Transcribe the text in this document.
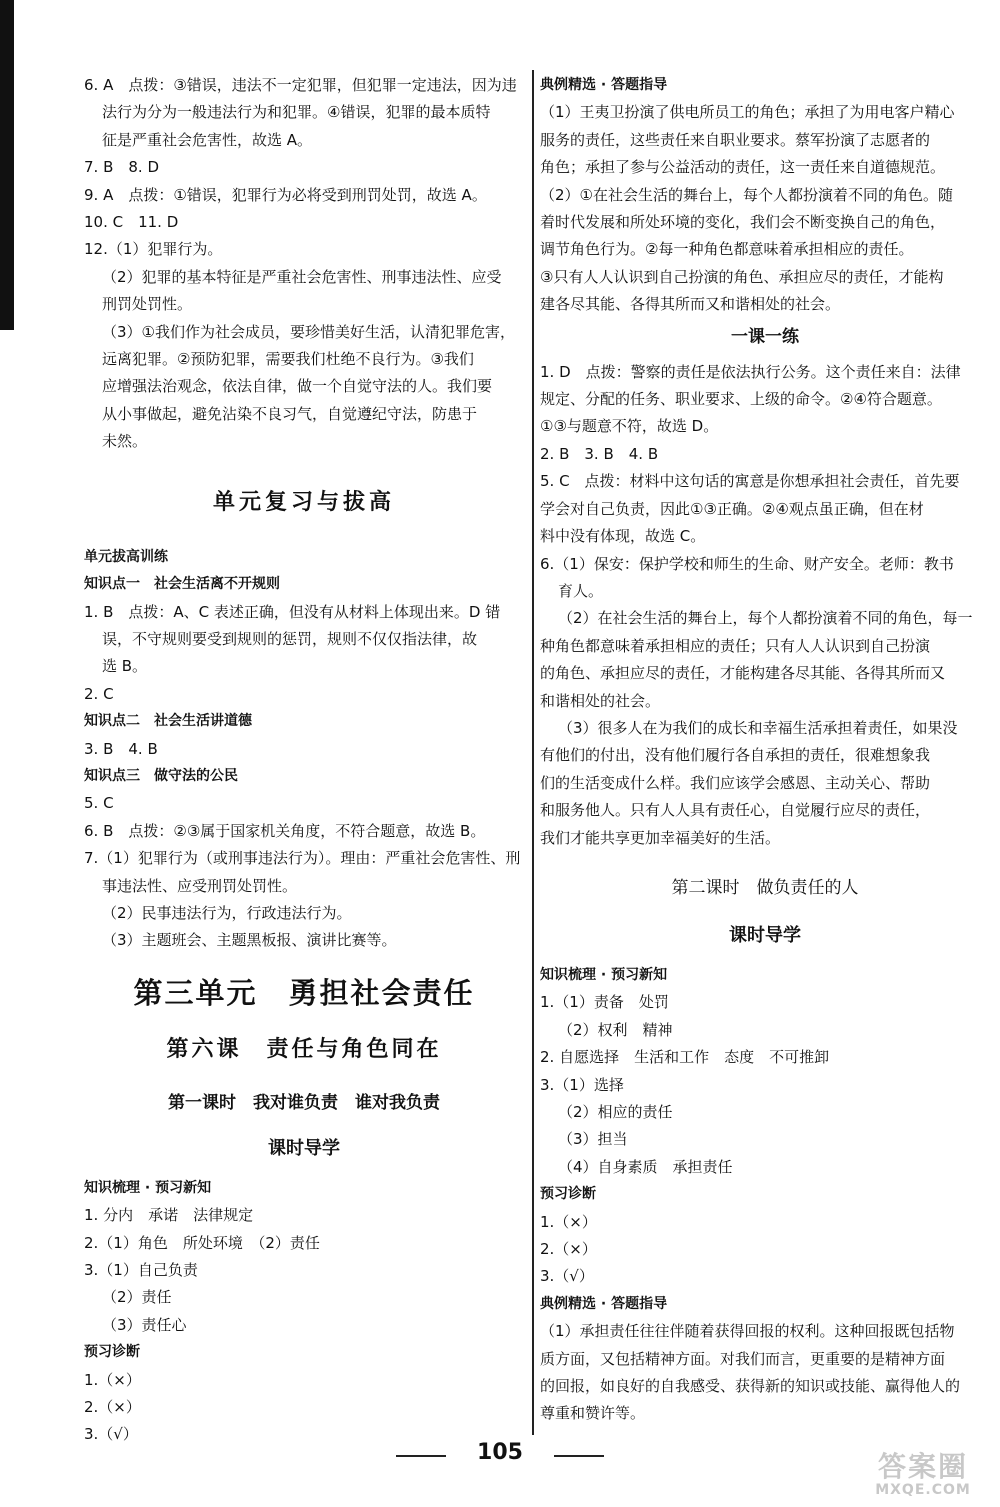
6. A　点拨：③错误，违法不一定犯罪，但犯罪一定违法，因为违
法行为分为一般违法行为和犯罪。④错误，犯罪的最本质特
征是严重社会危害性，故选 A。
7. B　8. D
9. A　点拨：①错误，犯罪行为必将受到刑罚处罚，故选 A。
10. C　11. D
12.（1）犯罪行为。
（2）犯罪的基本特征是严重社会危害性、刑事违法性、应受
刑罚处罚性。
（3）①我们作为社会成员，要珍惜美好生活，认清犯罪危害，
远离犯罪。②预防犯罪，需要我们杜绝不良行为。③我们
应增强法治观念，依法自律，做一个自觉守法的人。我们要
从小事做起，避免沾染不良习气，自觉遵纪守法，防患于
未然。
单元复习与拔高
单元拔高训练
知识点一　社会生活离不开规则
1. B　点拨：A、C 表述正确，但没有从材料上体现出来。D 错
误，不守规则要受到规则的惩罚，规则不仅仅指法律，故
选 B。
2. C
知识点二　社会生活讲道德
3. B　4. B
知识点三　做守法的公民
5. C
6. B　点拨：②③属于国家机关角度，不符合题意，故选 B。
7.（1）犯罪行为（或刑事违法行为）。理由：严重社会危害性、刑
事违法性、应受刑罚处罚性。
（2）民事违法行为，行政违法行为。
（3）主题班会、主题黑板报、演讲比赛等。
第三单元　勇担社会责任
第六课　责任与角色同在
第一课时　我对谁负责　谁对我负责
课时导学
知识梳理 · 预习新知
1. 分内　承诺　法律规定
2.（1）角色　所处环境　（2）责任
3.（1）自己负责
（2）责任
（3）责任心
预习诊断
1.（×）
2.（×）
3.（√）
典例精选 · 答题指导
（1）王夷卫扮演了供电所员工的角色；承担了为用电客户精心
服务的责任，这些责任来自职业要求。蔡军扮演了志愿者的
角色；承担了参与公益活动的责任，这一责任来自道德规范。
（2）①在社会生活的舞台上，每个人都扮演着不同的角色。随
着时代发展和所处环境的变化，我们会不断变换自己的角色，
调节角色行为。②每一种角色都意味着承担相应的责任。
③只有人人认识到自己扮演的角色、承担应尽的责任，才能构
建各尽其能、各得其所而又和谐相处的社会。
一课一练
1. D　点拨：警察的责任是依法执行公务。这个责任来自：法律
规定、分配的任务、职业要求、上级的命令。②④符合题意。
①③与题意不符，故选 D。
2. B　3. B　4. B
5. C　点拨：材料中这句话的寓意是你想承担社会责任，首先要
学会对自己负责，因此①③正确。②④观点虽正确，但在材
料中没有体现，故选 C。
6.（1）保安：保护学校和师生的生命、财产安全。老师：教书
育人。
（2）在社会生活的舞台上，每个人都扮演着不同的角色，每一
种角色都意味着承担相应的责任；只有人人认识到自己扮演
的角色、承担应尽的责任，才能构建各尽其能、各得其所而又
和谐相处的社会。
（3）很多人在为我们的成长和幸福生活承担着责任，如果没
有他们的付出，没有他们履行各自承担的责任，很难想象我
们的生活变成什么样。我们应该学会感恩、主动关心、帮助
和服务他人。只有人人具有责任心，自觉履行应尽的责任，
我们才能共享更加幸福美好的生活。
第二课时　做负责任的人
课时导学
知识梳理 · 预习新知
1.（1）责备　处罚
（2）权利　精神
2. 自愿选择　生活和工作　态度　不可推卸
3.（1）选择
（2）相应的责任
（3）担当
（4）自身素质　承担责任
预习诊断
1.（×）
2.（×）
3.（√）
典例精选 · 答题指导
（1）承担责任往往伴随着获得回报的权利。这种回报既包括物
质方面，又包括精神方面。对我们而言，更重要的是精神方面
的回报，如良好的自我感受、获得新的知识或技能、赢得他人的
尊重和赞许等。
105	答案圈
MXQE.COM
